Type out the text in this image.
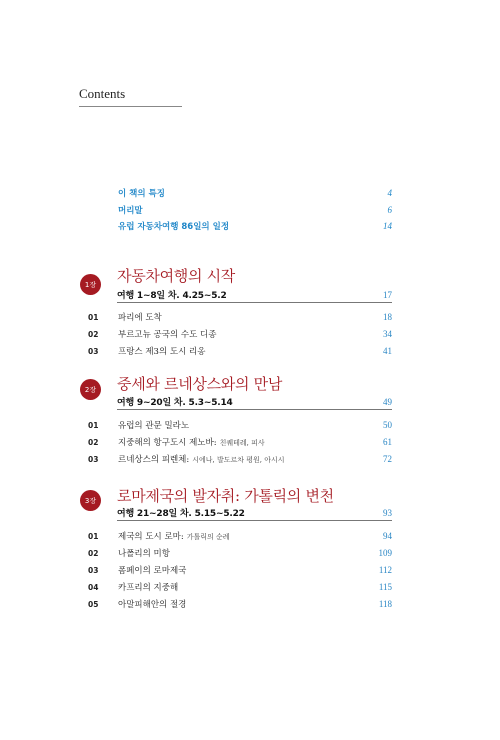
Contents
이 책의 특징	4
머리말	6
유럽 자동차여행 86일의 일정	14
1장	자동차여행의 시작
여행 1~8일 차. 4.25~5.2	17
01	파리에 도착	18
02	부르고뉴 공국의 수도 디종	34
03	프랑스 제3의 도시 리옹	41
2장	중세와 르네상스와의 만남
여행 9~20일 차. 5.3~5.14	49
01	유럽의 관문 밀라노	50
02	지중해의 항구도시 제노바: 친퀘테레, 피사	61
03	르네상스의 피렌체: 시에나, 발도르차 평원, 아시시	72
3장	로마제국의 발자취: 가톨릭의 변천
여행 21~28일 차. 5.15~5.22	93
01	제국의 도시 로마: 가톨릭의 순례	94
02	나폴리의 미항	109
03	폼페이의 로마제국	112
04	카프리의 지중해	115
05	아말피해안의 절경	118
